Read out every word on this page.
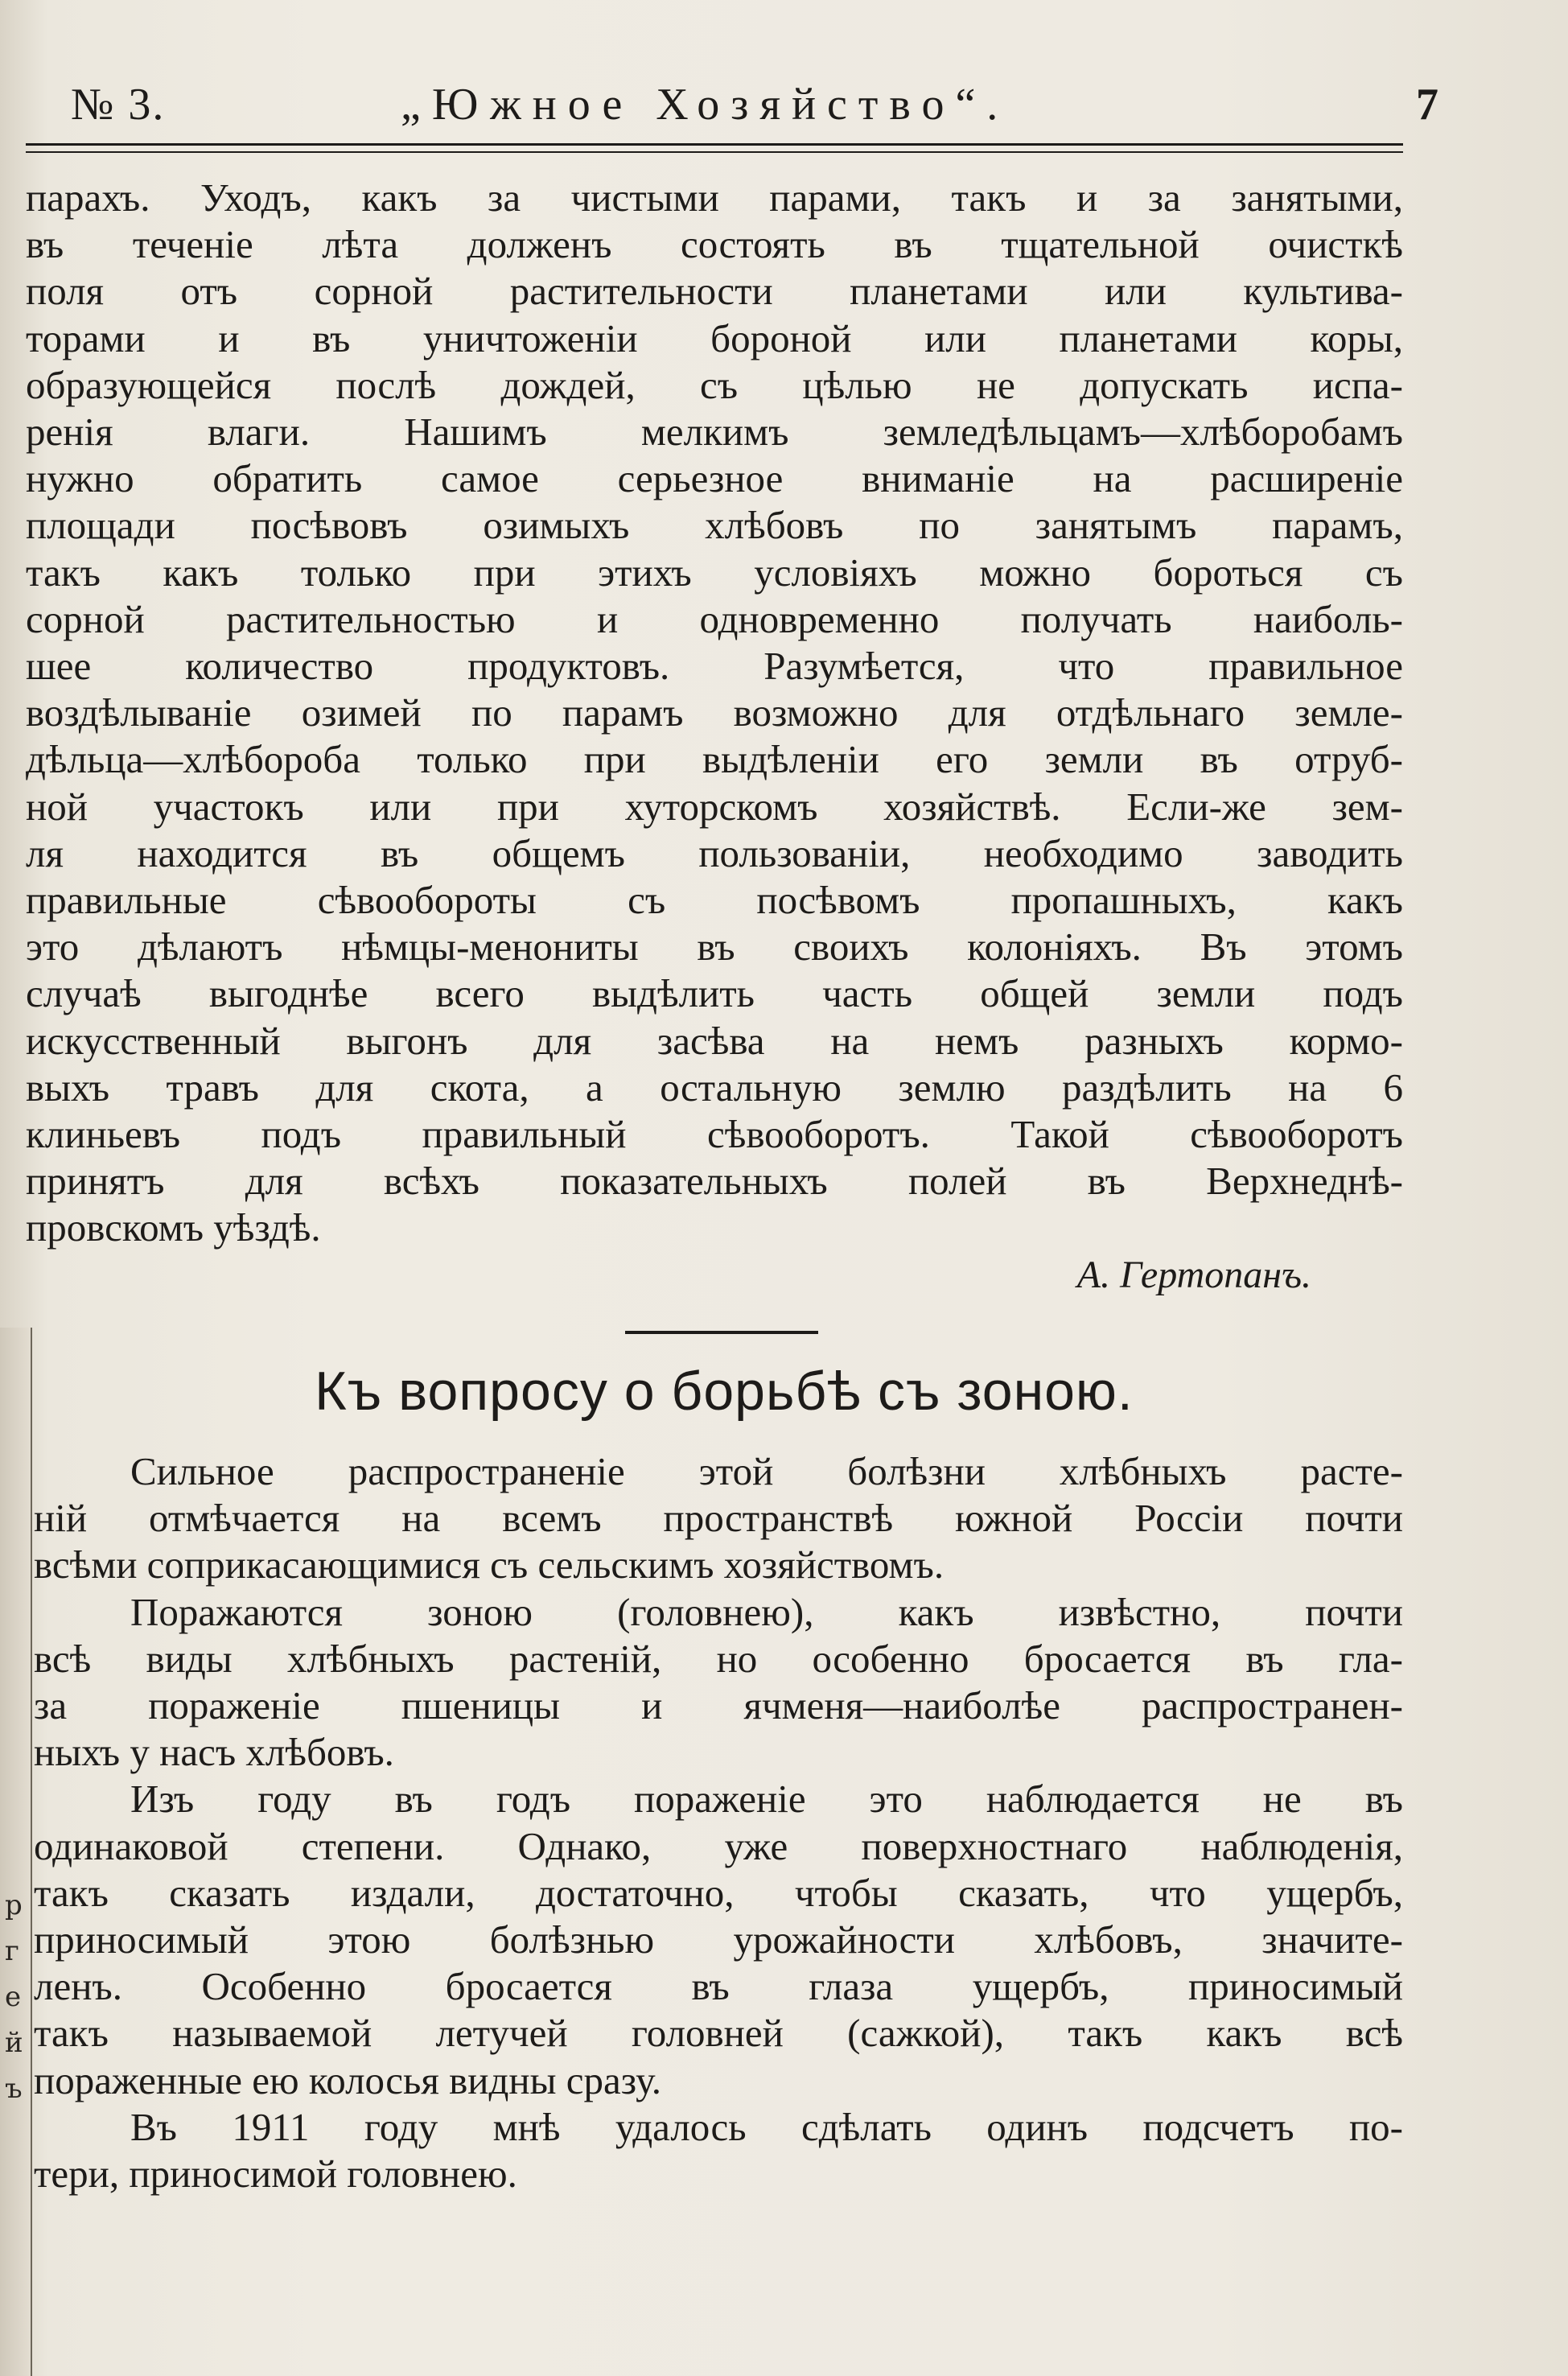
р
г
е
й
ъ
№ 3.	„Южное Хозяйство“.	7
парахъ. Уходъ, какъ за чистыми парами, такъ и за занятыми,
въ теченіе лѣта долженъ состоять въ тщательной очисткѣ
поля отъ сорной растительности планетами или культива-
торами и въ уничтоженіи бороной или планетами коры,
образующейся послѣ дождей, съ цѣлью не допускать испа-
ренія влаги. Нашимъ мелкимъ земледѣльцамъ—хлѣборобамъ
нужно обратить самое серьезное вниманіе на расширеніе
площади посѣвовъ озимыхъ хлѣбовъ по занятымъ парамъ,
такъ какъ только при этихъ условіяхъ можно бороться съ
сорной растительностью и одновременно получать наиболь-
шее количество продуктовъ. Разумѣется, что правильное
воздѣлываніе озимей по парамъ возможно для отдѣльнаго земле-
дѣльца—хлѣбороба только при выдѣленіи его земли въ отруб-
ной участокъ или при хуторскомъ хозяйствѣ. Если-же зем-
ля находится въ общемъ пользованіи, необходимо заводить
правильные сѣвообороты съ посѣвомъ пропашныхъ, какъ
это дѣлаютъ нѣмцы-менониты въ своихъ колоніяхъ. Въ этомъ
случаѣ выгоднѣе всего выдѣлить часть общей земли подъ
искусственный выгонъ для засѣва на немъ разныхъ кормо-
выхъ травъ для скота, а остальную землю раздѣлить на 6
клиньевъ подъ правильный сѣвооборотъ. Такой сѣвооборотъ
принятъ для всѣхъ показательныхъ полей въ Верхнеднѣ-
провскомъ уѣздѣ.
А. Гертопанъ.
Къ вопросу о борьбѣ съ зоною.

Сильное распространеніе этой болѣзни хлѣбныхъ расте-
ній отмѣчается на всемъ пространствѣ южной Россіи почти
всѣми соприкасающимися съ сельскимъ хозяйствомъ.

Поражаются зоною (головнею), какъ извѣстно, почти
всѣ виды хлѣбныхъ растеній, но особенно бросается въ гла-
за пораженіе пшеницы и ячменя—наиболѣе распространен-
ныхъ у насъ хлѣбовъ.

Изъ году въ годъ пораженіе это наблюдается не въ
одинаковой степени. Однако, уже поверхностнаго наблюденія,
такъ сказать издали, достаточно, чтобы сказать, что ущербъ,
приносимый этою болѣзнью урожайности хлѣбовъ, значите-
ленъ. Особенно бросается въ глаза ущербъ, приносимый
такъ называемой летучей головней (сажкой), такъ какъ всѣ
пораженные ею колосья видны сразу.

Въ 1911 году мнѣ удалось сдѣлать одинъ подсчетъ по-
тери, приносимой головнею.
